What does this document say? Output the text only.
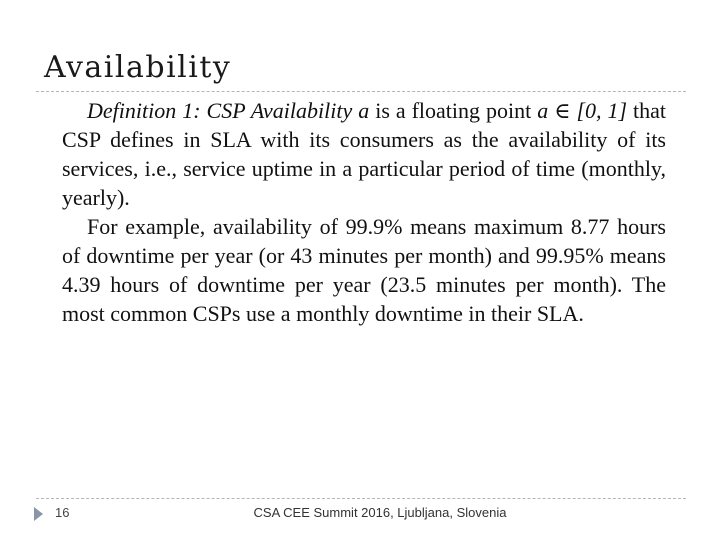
Availability

Definition 1: CSP Availability a is a floating point a ∈ [0, 1] that CSP defines in SLA with its consumers as the availability of its services, i.e., service uptime in a particular period of time (monthly, yearly).

For example, availability of 99.9% means maximum 8.77 hours of downtime per year (or 43 minutes per month) and 99.95% means 4.39 hours of downtime per year (23.5 minutes per month). The most common CSPs use a monthly downtime in their SLA.

16	CSA CEE Summit 2016, Ljubljana, Slovenia
